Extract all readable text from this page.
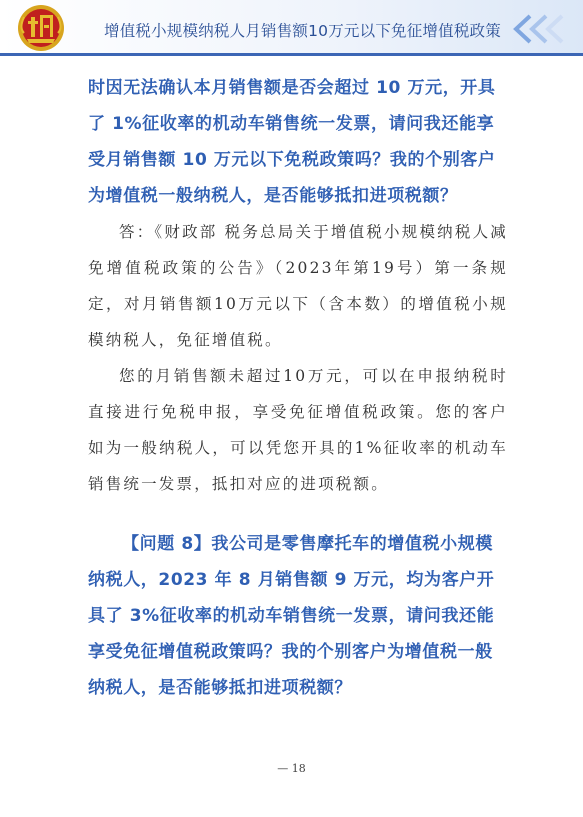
增值税小规模纳税人月销售额10万元以下免征增值税政策

时因无法确认本月销售额是否会超过 10 万元，开具了 1%征收率的机动车销售统一发票，请问我还能享受月销售额 10 万元以下免税政策吗？我的个别客户为增值税一般纳税人，是否能够抵扣进项税额？

答：《财政部 税务总局关于增值税小规模纳税人减免增值税政策的公告》（2023年第19号）第一条规定，对月销售额10万元以下（含本数）的增值税小规模纳税人，免征增值税。

您的月销售额未超过10万元，可以在申报纳税时直接进行免税申报，享受免征增值税政策。您的客户如为一般纳税人，可以凭您开具的1%征收率的机动车销售统一发票，抵扣对应的进项税额。

【问题 8】我公司是零售摩托车的增值税小规模纳税人，2023 年 8 月销售额 9 万元，均为客户开具了 3%征收率的机动车销售统一发票，请问我还能享受免征增值税政策吗？我的个别客户为增值税一般纳税人，是否能够抵扣进项税额？

— 18
